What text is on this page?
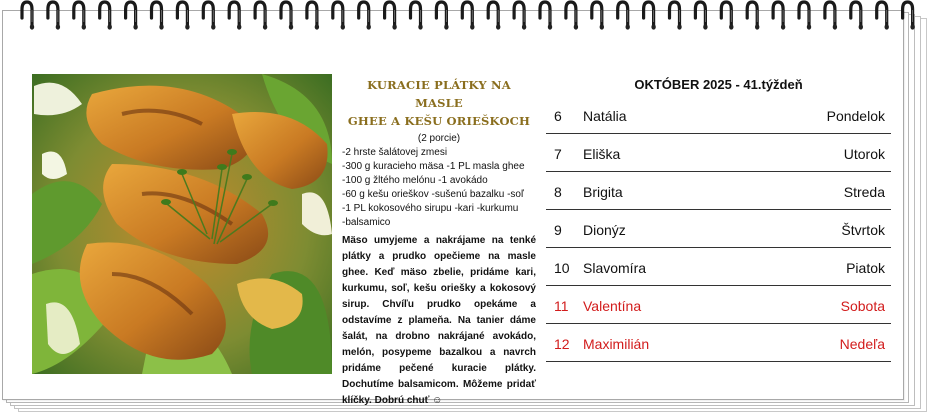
KURACIE PLÁTKY NA MASLE
GHEE A KEŠU ORIEŠKOCH
(2 porcie)
-2 hrste šalátovej zmesi
-300 g kuracieho mäsa -1 PL masla ghee
-100 g žltého melónu -1 avokádo
-60 g kešu orieškov -sušenú bazalku -soľ
-1 PL kokosového sirupu -kari -kurkumu
-balsamico
Mäso umyjeme a nakrájame na tenké plátky a prudko opečieme na masle ghee. Keď mäso zbelie, pridáme kari, kurkumu, soľ, kešu oriešky a kokosový sirup. Chvíľu prudko opekáme a odstavíme z plameňa. Na tanier dáme šalát, na drobno nakrájané avokádo, melón, posypeme bazalkou a navrch pridáme pečené kuracie plátky. Dochutíme balsamicom. Môžeme pridať klíčky. Dobrú chuť ☺
OKTÓBER 2025 - 41.týždeň
6 Natália	Pondelok
7 Eliška	Utorok
8 Brigita	Streda
9 Dionýz	Štvrtok
10 Slavomíra	Piatok
11 Valentína	Sobota
12 Maximilián	Nedeľa
